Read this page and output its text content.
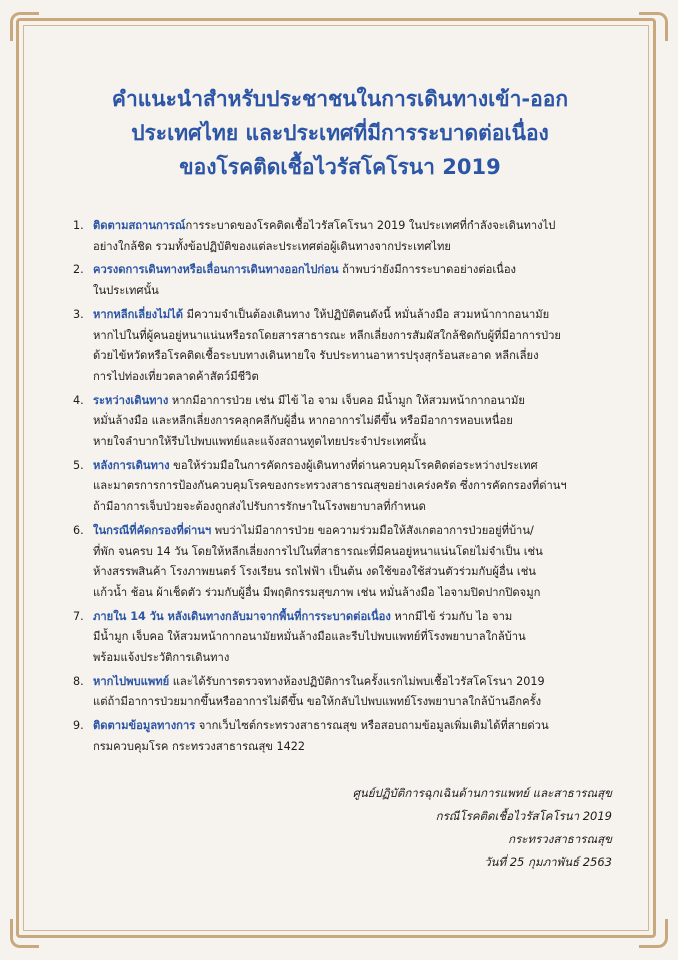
คำแนะนำสำหรับประชาชนในการเดินทางเข้า-ออก
ประเทศไทย และประเทศที่มีการระบาดต่อเนื่อง
ของโรคติดเชื้อไวรัสโคโรนา 2019
1. ติดตามสถานการณ์การระบาดของโรคติดเชื้อไวรัสโคโรนา 2019 ในประเทศที่กำลังจะเดินทางไป
อย่างใกล้ชิด รวมทั้งข้อปฏิบัติของแต่ละประเทศต่อผู้เดินทางจากประเทศไทย
2. ควรงดการเดินทางหรือเลื่อนการเดินทางออกไปก่อน ถ้าพบว่ายังมีการระบาดอย่างต่อเนื่อง
ในประเทศนั้น
3. หากหลีกเลี่ยงไม่ได้ มีความจำเป็นต้องเดินทาง ให้ปฏิบัติตนดังนี้ หมั่นล้างมือ สวมหน้ากากอนามัย
หากไปในที่ผู้คนอยู่หนาแน่นหรือรถโดยสารสาธารณะ หลีกเลี่ยงการสัมผัสใกล้ชิดกับผู้ที่มีอาการป่วย
ด้วยไข้หวัดหรือโรคติดเชื้อระบบทางเดินหายใจ รับประทานอาหารปรุงสุกร้อนสะอาด หลีกเลี่ยง
การไปท่องเที่ยวตลาดค้าสัตว์มีชีวิต
4. ระหว่างเดินทาง หากมีอาการป่วย เช่น มีไข้ ไอ จาม เจ็บคอ มีน้ำมูก ให้สวมหน้ากากอนามัย
หมั่นล้างมือ และหลีกเลี่ยงการคลุกคลีกับผู้อื่น หากอาการไม่ดีขึ้น หรือมีอาการหอบเหนื่อย
หายใจลำบากให้รีบไปพบแพทย์และแจ้งสถานทูตไทยประจำประเทศนั้น
5. หลังการเดินทาง ขอให้ร่วมมือในการคัดกรองผู้เดินทางที่ด่านควบคุมโรคติดต่อระหว่างประเทศ
และมาตรการการป้องกันควบคุมโรคของกระทรวงสาธารณสุขอย่างเคร่งครัด ซึ่งการคัดกรองที่ด่านฯ
ถ้ามีอาการเจ็บป่วยจะต้องถูกส่งไปรับการรักษาในโรงพยาบาลที่กำหนด
6. ในกรณีที่คัดกรองที่ด่านฯ พบว่าไม่มีอาการป่วย ขอความร่วมมือให้สังเกตอาการป่วยอยู่ที่บ้าน/
ที่พัก จนครบ 14 วัน โดยให้หลีกเลี่ยงการไปในที่สาธารณะที่มีคนอยู่หนาแน่นโดยไม่จำเป็น เช่น
ห้างสรรพสินค้า โรงภาพยนตร์ โรงเรียน รถไฟฟ้า เป็นต้น งดใช้ของใช้ส่วนตัวร่วมกับผู้อื่น เช่น
แก้วน้ำ ช้อน ผ้าเช็ดตัว ร่วมกับผู้อื่น มีพฤติกรรมสุขภาพ เช่น หมั่นล้างมือ ไอจามปิดปากปิดจมูก
7. ภายใน 14 วัน หลังเดินทางกลับมาจากพื้นที่การระบาดต่อเนื่อง หากมีไข้ ร่วมกับ ไอ จาม
มีน้ำมูก เจ็บคอ ให้สวมหน้ากากอนามัยหมั่นล้างมือและรีบไปพบแพทย์ที่โรงพยาบาลใกล้บ้าน
พร้อมแจ้งประวัติการเดินทาง
8. หากไปพบแพทย์ และได้รับการตรวจทางห้องปฏิบัติการในครั้งแรกไม่พบเชื้อไวรัสโคโรนา 2019
แต่ถ้ามีอาการป่วยมากขึ้นหรืออาการไม่ดีขึ้น ขอให้กลับไปพบแพทย์โรงพยาบาลใกล้บ้านอีกครั้ง
9. ติดตามข้อมูลทางการ จากเว็บไซต์กระทรวงสาธารณสุข หรือสอบถามข้อมูลเพิ่มเติมได้ที่สายด่วน
กรมควบคุมโรค กระทรวงสาธารณสุข 1422
ศูนย์ปฏิบัติการฉุกเฉินด้านการแพทย์ และสาธารณสุข
กรณีโรคติดเชื้อไวรัสโคโรนา 2019
กระทรวงสาธารณสุข
วันที่ 25 กุมภาพันธ์ 2563
